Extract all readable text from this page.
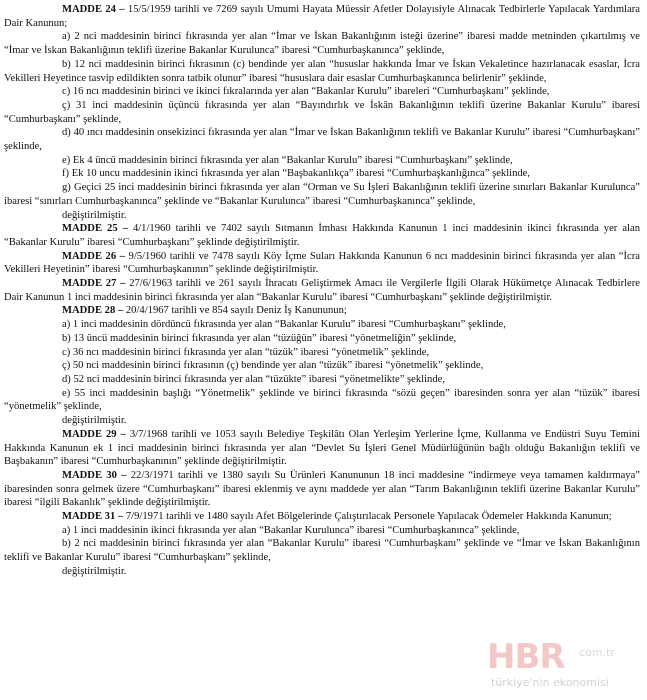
MADDE 24 – 15/5/1959 tarihli ve 7269 sayılı Umumi Hayata Müessir Afetler Dolayısiyle Alınacak Tedbirlerle Yapılacak Yardımlara Dair Kanunun;

a) 2 nci maddesinin birinci fıkrasında yer alan “İmar ve İskan Bakanlığının isteği üzerine” ibaresi madde metninden çıkartılmış ve “İmar ve İskan Bakanlığının teklifi üzerine Bakanlar Kurulunca” ibaresi “Cumhurbaşkanınca” şeklinde,

b) 12 nci maddesinin birinci fıkrasının (c) bendinde yer alan “hususlar hakkında İmar ve İskan Vekaletince hazırlanacak esaslar, İcra Vekilleri Heyetince tasvip edildikten sonra tatbik olunur” ibaresi “hususlara dair esaslar Cumhurbaşkanınca belirlenir” şeklinde,

c) 16 ncı maddesinin birinci ve ikinci fıkralarında yer alan “Bakanlar Kurulu” ibareleri “Cumhurbaşkanı” şeklinde,

ç) 31 inci maddesinin üçüncü fıkrasında yer alan “Bayındırlık ve İskân Bakanlığının teklifi üzerine Bakanlar Kurulu” ibaresi “Cumhurbaşkanı” şeklinde,

d) 40 ıncı maddesinin onsekizinci fıkrasında yer alan “İmar ve İskan Bakanlığının teklifi ve Bakanlar Kurulu” ibaresi “Cumhurbaşkanı” şeklinde,

e) Ek 4 üncü maddesinin birinci fıkrasında yer alan “Bakanlar Kurulu” ibaresi “Cumhurbaşkanı” şeklinde,

f) Ek 10 uncu maddesinin ikinci fıkrasında yer alan “Başbakanlıkça” ibaresi “Cumhurbaşkanlığınca” şeklinde,

g) Geçici 25 inci maddesinin birinci fıkrasında yer alan “Orman ve Su İşleri Bakanlığının teklifi üzerine sınırları Bakanlar Kurulunca” ibaresi “sınırları Cumhurbaşkanınca” şeklinde ve “Bakanlar Kurulunca” ibaresi “Cumhurbaşkanınca” şeklinde,

değiştirilmiştir.

MADDE 25 – 4/1/1960 tarihli ve 7402 sayılı Sıtmanın İmhası Hakkında Kanunun 1 inci maddesinin ikinci fıkrasında yer alan “Bakanlar Kurulu” ibaresi “Cumhurbaşkanı” şeklinde değiştirilmiştir.

MADDE 26 – 9/5/1960 tarihli ve 7478 sayılı Köy İçme Suları Hakkında Kanunun 6 ncı maddesinin birinci fıkrasında yer alan “İcra Vekilleri Heyetinin” ibaresi “Cumhurbaşkanının” şeklinde değiştirilmiştir.

MADDE 27 – 27/6/1963 tarihli ve 261 sayılı İhracatı Geliştirmek Amacı ile Vergilerle İlgili Olarak Hükümetçe Alınacak Tedbirlere Dair Kanunun 1 inci maddesinin birinci fıkrasında yer alan “Bakanlar Kurulu” ibaresi “Cumhurbaşkanı” şeklinde değiştirilmiştir.

MADDE 28 – 20/4/1967 tarihli ve 854 sayılı Deniz İş Kanununun;

a) 1 inci maddesinin dördüncü fıkrasında yer alan “Bakanlar Kurulu” ibaresi “Cumhurbaşkanı” şeklinde,

b) 13 üncü maddesinin birinci fıkrasında yer alan “tüzüğün” ibaresi “yönetmeliğin” şeklinde,

c) 36 ncı maddesinin birinci fıkrasında yer alan “tüzük” ibaresi “yönetmelik” şeklinde,

ç) 50 nci maddesinin birinci fıkrasının (ç) bendinde yer alan “tüzük” ibaresi “yönetmelik” şeklinde,

d) 52 nci maddesinin birinci fıkrasında yer alan “tüzükte” ibaresi “yönetmelikte” şeklinde,

e) 55 inci maddesinin başlığı “Yönetmelik” şeklinde ve birinci fıkrasında “sözü geçen” ibaresinden sonra yer alan “tüzük” ibaresi “yönetmelik” şeklinde,

değiştirilmiştir.

MADDE 29 – 3/7/1968 tarihli ve 1053 sayılı Belediye Teşkilâtı Olan Yerleşim Yerlerine İçme, Kullanma ve Endüstri Suyu Temini Hakkında Kanunun ek 1 inci maddesinin birinci fıkrasında yer alan “Devlet Su İşleri Genel Müdürlüğünün bağlı olduğu Bakanlığın teklifi ve Başbakanın” ibaresi “Cumhurbaşkanının” şeklinde değiştirilmiştir.

MADDE 30 – 22/3/1971 tarihli ve 1380 sayılı Su Ürünleri Kanununun 18 inci maddesine “indirmeye veya tamamen kaldırmaya” ibaresinden sonra gelmek üzere “Cumhurbaşkanı” ibaresi eklenmiş ve aynı maddede yer alan “Tarım Bakanlığının teklifi üzerine Bakanlar Kurulu” ibaresi “ilgili Bakanlık” şeklinde değiştirilmiştir.

MADDE 31 – 7/9/1971 tarihli ve 1480 sayılı Afet Bölgelerinde Çalıştırılacak Personele Yapılacak Ödemeler Hakkında Kanunun;

a) 1 inci maddesinin ikinci fıkrasında yer alan “Bakanlar Kurulunca” ibaresi “Cumhurbaşkanınca” şeklinde,

b) 2 nci maddesinin birinci fıkrasında yer alan “Bakanlar Kurulu” ibaresi “Cumhurbaşkanı” şeklinde ve “İmar ve İskan Bakanlığının teklifi ve Bakanlar Kurulu” ibaresi “Cumhurbaşkanı” şeklinde,

değiştirilmiştir.

HBR com.tr
türkiye'nin ekonomisi
